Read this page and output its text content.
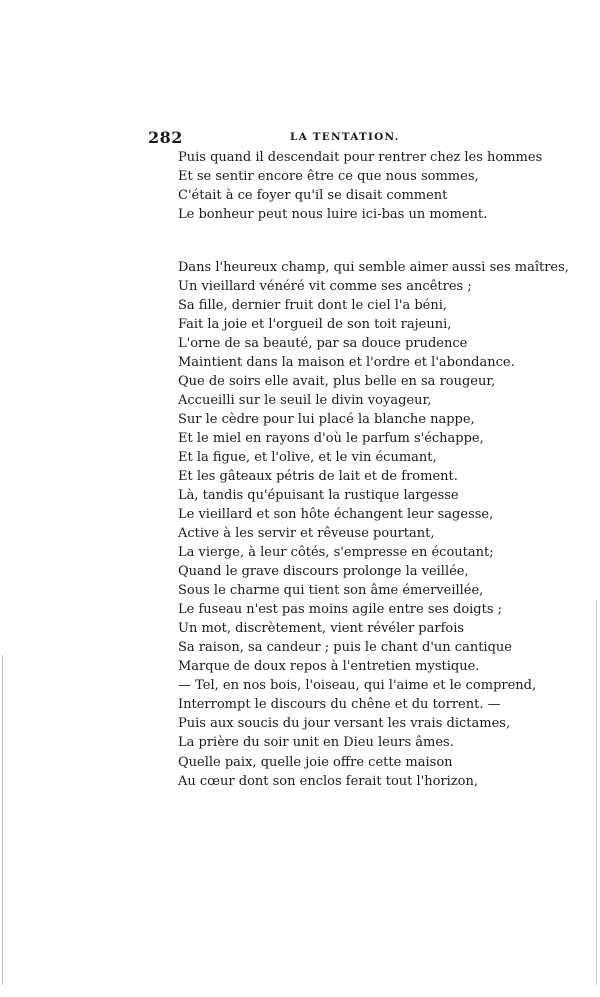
282	LA TENTATION.
Puis quand il descendait pour rentrer chez les hommes
Et se sentir encore être ce que nous sommes,
C'était à ce foyer qu'il se disait comment
Le bonheur peut nous luire ici-bas un moment.
Dans l'heureux champ, qui semble aimer aussi ses maîtres,
Un vieillard vénéré vit comme ses ancêtres ;
Sa fille, dernier fruit dont le ciel l'a béni,
Fait la joie et l'orgueil de son toit rajeuni,
L'orne de sa beauté, par sa douce prudence
Maintient dans la maison et l'ordre et l'abondance.
Que de soirs elle avait, plus belle en sa rougeur,
Accueilli sur le seuil le divin voyageur,
Sur le cèdre pour lui placé la blanche nappe,
Et le miel en rayons d'où le parfum s'échappe,
Et la figue, et l'olive, et le vin écumant,
Et les gâteaux pétris de lait et de froment.
Là, tandis qu'épuisant la rustique largesse
Le vieillard et son hôte échangent leur sagesse,
Active à les servir et rêveuse pourtant,
La vierge, à leur côtés, s'empresse en écoutant;
Quand le grave discours prolonge la veillée,
Sous le charme qui tient son âme émerveillée,
Le fuseau n'est pas moins agile entre ses doigts ;
Un mot, discrètement, vient révéler parfois
Sa raison, sa candeur ; puis le chant d'un cantique
Marque de doux repos à l'entretien mystique.
— Tel, en nos bois, l'oiseau, qui l'aime et le comprend,
Interrompt le discours du chêne et du torrent. —
Puis aux soucis du jour versant les vrais dictames,
La prière du soir unit en Dieu leurs âmes.
Quelle paix, quelle joie offre cette maison
Au cœur dont son enclos ferait tout l'horizon,
